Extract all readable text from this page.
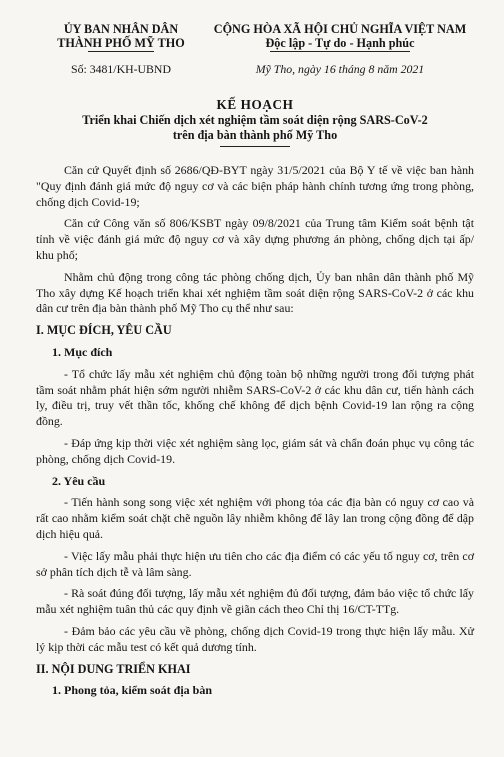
ỦY BAN NHÂN DÂN
THÀNH PHỐ MỸ THO
Số: 3481/KH-UBND
CỘNG HÒA XÃ HỘI CHỦ NGHĨA VIỆT NAM
Độc lập - Tự do - Hạnh phúc
Mỹ Tho, ngày 16 tháng 8 năm 2021
KẾ HOẠCH
Triển khai Chiến dịch xét nghiệm tầm soát diện rộng SARS-CoV-2
trên địa bàn thành phố Mỹ Tho

Căn cứ Quyết định số 2686/QĐ-BYT ngày 31/5/2021 của Bộ Y tế về việc ban hành "Quy định đánh giá mức độ nguy cơ và các biện pháp hành chính tương ứng trong phòng, chống dịch Covid-19;

Căn cứ Công văn số 806/KSBT ngày 09/8/2021 của Trung tâm Kiểm soát bệnh tật tỉnh về việc đánh giá mức độ nguy cơ và xây dựng phương án phòng, chống dịch tại ấp/ khu phố;

Nhằm chủ động trong công tác phòng chống dịch, Ủy ban nhân dân thành phố Mỹ Tho xây dựng Kế hoạch triển khai xét nghiệm tầm soát diện rộng SARS-CoV-2 ở các khu dân cư trên địa bàn thành phố Mỹ Tho cụ thể như sau:

I. MỤC ĐÍCH, YÊU CẦU

1. Mục đích

- Tổ chức lấy mẫu xét nghiệm chủ động toàn bộ những người trong đối tượng phát tầm soát nhằm phát hiện sớm người nhiễm SARS-CoV-2 ở các khu dân cư, tiến hành cách ly, điều trị, truy vết thần tốc, khống chế không để dịch bệnh Covid-19 lan rộng ra cộng đồng.

- Đáp ứng kịp thời việc xét nghiệm sàng lọc, giám sát và chẩn đoán phục vụ công tác phòng, chống dịch Covid-19.

2. Yêu cầu

- Tiến hành song song việc xét nghiệm với phong tỏa các địa bàn có nguy cơ cao và rất cao nhằm kiểm soát chặt chẽ nguồn lây nhiễm không để lây lan trong cộng đồng để dập dịch hiệu quả.

- Việc lấy mẫu phải thực hiện ưu tiên cho các địa điểm có các yếu tố nguy cơ, trên cơ sở phân tích dịch tễ và lâm sàng.

- Rà soát đúng đối tượng, lấy mẫu xét nghiệm đủ đối tượng, đảm bảo việc tổ chức lấy mẫu xét nghiệm tuân thủ các quy định về giãn cách theo Chỉ thị 16/CT-TTg.

- Đảm bảo các yêu cầu về phòng, chống dịch Covid-19 trong thực hiện lấy mẫu. Xử lý kịp thời các mẫu test có kết quả dương tính.

II. NỘI DUNG TRIỂN KHAI

1. Phong tỏa, kiểm soát địa bàn
